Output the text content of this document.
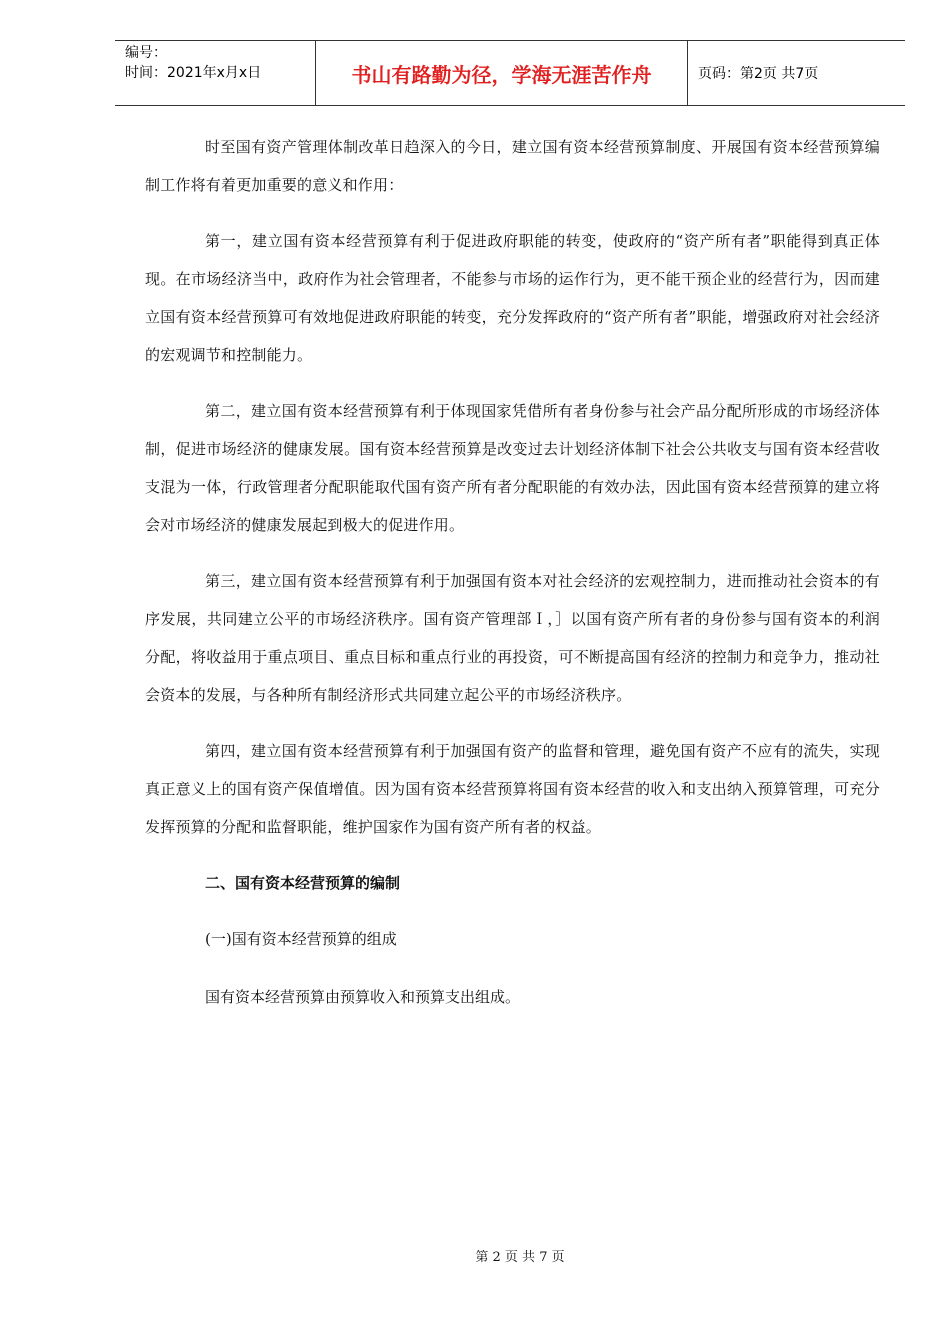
编号：
时间：2021年x月x日	书山有路勤为径，学海无涯苦作舟	页码：第2页 共7页

时至国有资产管理体制改革日趋深入的今日，建立国有资本经营预算制度、开展国有资本经营预算编制工作将有着更加重要的意义和作用：

第一，建立国有资本经营预算有利于促进政府职能的转变，使政府的“资产所有者”职能得到真正体现。在市场经济当中，政府作为社会管理者，不能参与市场的运作行为，更不能干预企业的经营行为，因而建立国有资本经营预算可有效地促进政府职能的转变，充分发挥政府的“资产所有者”职能，增强政府对社会经济的宏观调节和控制能力。

第二，建立国有资本经营预算有利于体现国家凭借所有者身份参与社会产品分配所形成的市场经济体制，促进市场经济的健康发展。国有资本经营预算是改变过去计划经济体制下社会公共收支与国有资本经营收支混为一体，行政管理者分配职能取代国有资产所有者分配职能的有效办法，因此国有资本经营预算的建立将会对市场经济的健康发展起到极大的促进作用。

第三，建立国有资本经营预算有利于加强国有资本对社会经济的宏观控制力，进而推动社会资本的有序发展，共同建立公平的市场经济秩序。国有资产管理部Ｉ，］以国有资产所有者的身份参与国有资本的利润分配，将收益用于重点项目、重点目标和重点行业的再投资，可不断提高国有经济的控制力和竞争力，推动社会资本的发展，与各种所有制经济形式共同建立起公平的市场经济秩序。

第四，建立国有资本经营预算有利于加强国有资产的监督和管理，避免国有资产不应有的流失，实现真正意义上的国有资产保值增值。因为国有资本经营预算将国有资本经营的收入和支出纳入预算管理，可充分发挥预算的分配和监督职能，维护国家作为国有资产所有者的权益。

二、国有资本经营预算的编制
(一)国有资本经营预算的组成
国有资本经营预算由预算收入和预算支出组成。
第 2 页 共 7 页
